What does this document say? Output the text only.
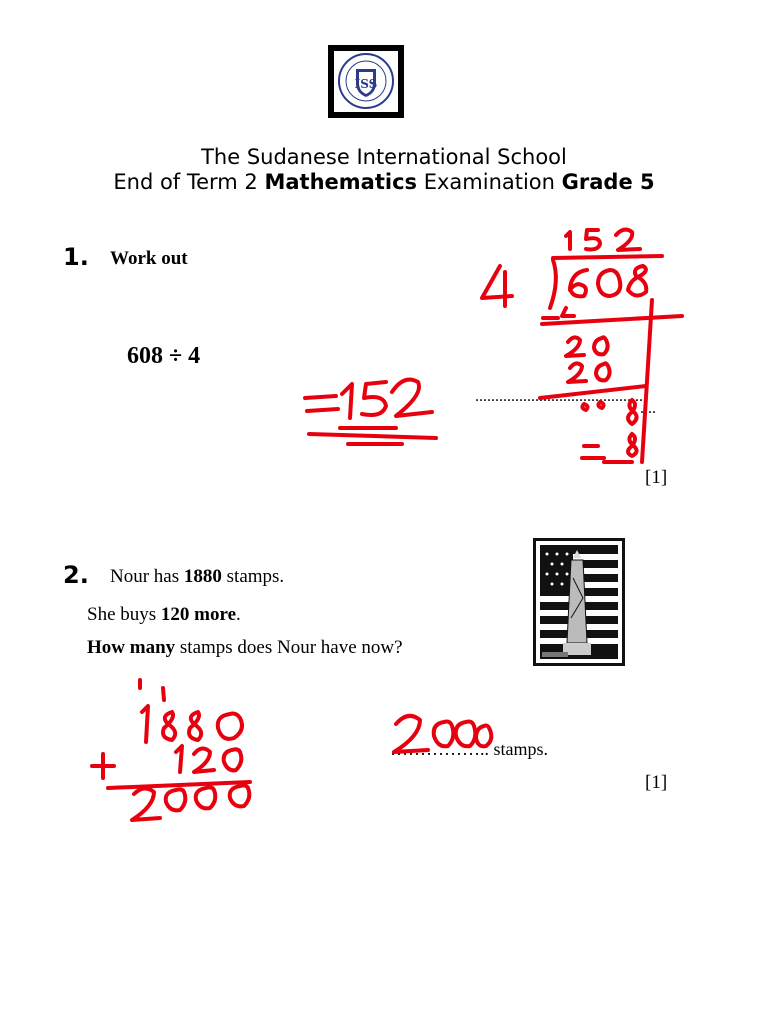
ISS
The Sudanese International School
End of Term 2 Mathematics Examination Grade 5
1. Work out
608 ÷ 4
..........................................
....
[1]
2. Nour has 1880 stamps.
She buys 120 more.
How many stamps does Nour have now?
…………….. stamps.
[1]
